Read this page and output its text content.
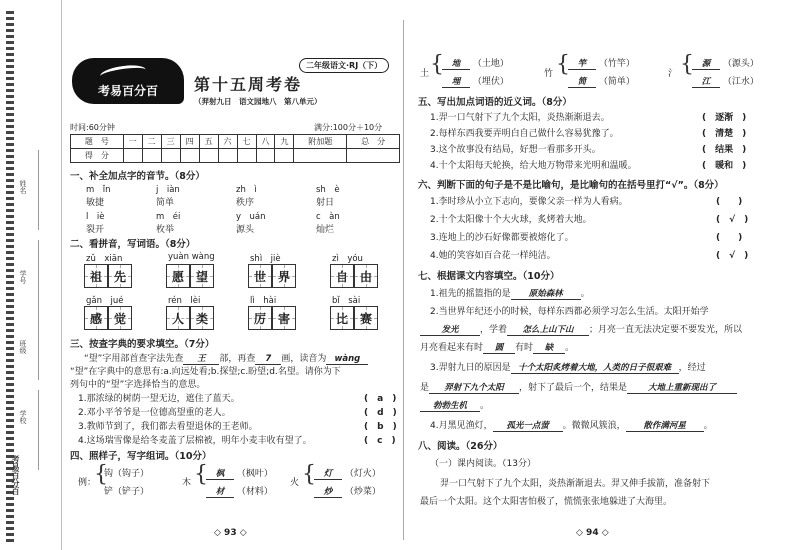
姓名
学号
班级
学校
考易百分百
考易百分百
二年级语文·RJ（下）
第十五周考卷
（羿射九日　语文园地八　第八单元）
时间:60分钟	满分:100分＋10分
题　号	一	二	三	四	五	六	七	八	九	附加题	总　分
得　分											
一、补全加点字的音节。（8分）
m　ǐn	j　iàn	zh　ì	sh　è
敏捷	简单	秩序	射日
l　iè	m　éi	y　uán	c　àn
裂开	枚举	源头	灿烂
二、看拼音，写词语。（8分）
zǔ　xiān	yuàn wàng	shì　jiè	zì　yóu
祖 先	愿 望	世 界	自 由
gǎn　jué	rén　lèi	lì　hài	bǐ　sài
感 觉	人 类	厉 害	比 赛
三、按查字典的要求填空。（7分）
“望”字用部首查字法先查 王 部，再查 7 画，读音为 wàng
“望”在字典中的意思有:a.向远处看;b.探望;c.盼望;d.名望。请你为下
列句中的“望”字选择恰当的意思。
1.那浓绿的树荫一望无边，遮住了蓝天。	(　a　)
2.邓小平爷爷是一位德高望重的老人。	(　d　)
3.教师节到了，我们都去看望退休的王老师。	(　b　)
4.这场瑞雪像是给冬麦盖了层棉被，明年小麦丰收有望了。	(　c　)
四、照样子，写字组词。（10分）
例：
{
钩（钩子）
铲（铲子）
木 { 枫 （枫叶）
材 （材料）
火 { 灯 （灯火）
炒 （炒菜）
◇ 93 ◇
土 { 地 （土地）
埋 （埋伏）
竹 { 竿 （竹竿）
简 （简单）
氵 { 源 （源头）
江 （江水）
五、写出加点词语的近义词。（8分）
1.羿一口气射下了九个太阳，炎热渐渐退去。	(　逐渐　)
2.每样东西我要弄明白自己做什么容易犹豫了。	(　清楚　)
3.这个故事没有结局，好想一看那多开头。	(　结果　)
4.十个太阳每天轮换，给大地万物带来光明和温暖。	(　暖和　)
六、判断下面的句子是不是比喻句，是比喻句的在括号里打“√”。（8分）
1.李时珍从小立下志向，要像父亲一样为人看病。	(　　)
2.十个太阳像十个大火球，炙烤着大地。	(　√　)
3.连地上的沙石好像都要被熔化了。	(　　)
4.她的笑容如百合花一样纯洁。	(　√　)
七、根据课文内容填空。（10分）
1.祖先的摇篮指的是 原始森林 。
2.当世界年纪还小的时候，每样东西都必须学习怎么生活。太阳开始学
发光 ，学着 怎么上山下山 ；月亮一直无法决定要不要发光，所以
月亮看起来有时 圆 有时 缺 。
3.羿射九日的原因是 十个太阳炙烤着大地，人类的日子很艰难 ，经过
是 羿射下九个太阳 ，射下了最后一个，结果是 大地上重新现出了
勃勃生机 。
4.月黑见渔灯， 孤光一点萤 。微微风簇浪， 散作满河星 。
八、阅读。（26分）
（一）课内阅读。（13分）
羿一口气射下了九个太阳，炎热渐渐退去。羿又伸手拔箭，准备射下
最后一个太阳。这个太阳害怕极了，慌慌张张地躲进了大海里。
◇ 94 ◇
